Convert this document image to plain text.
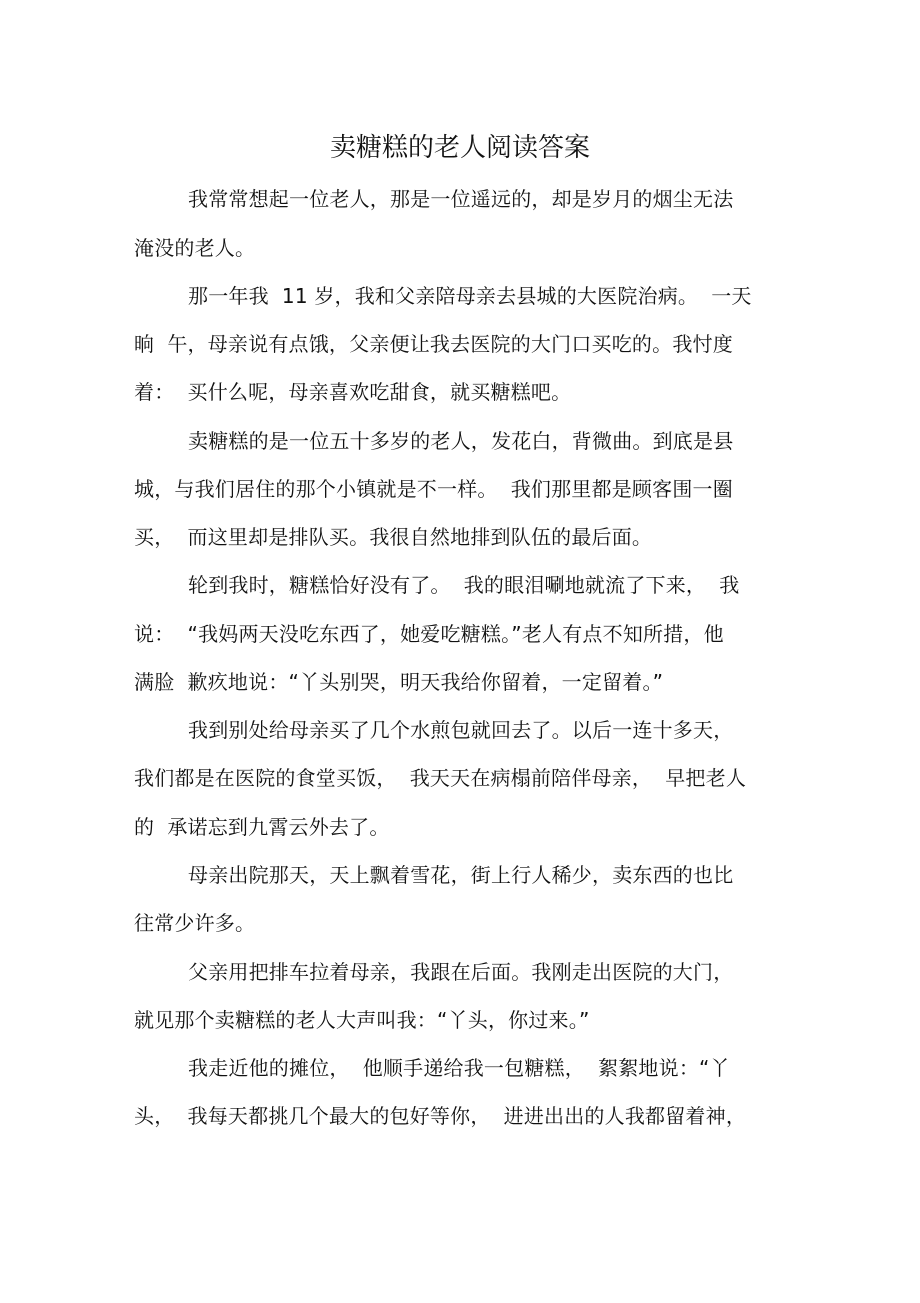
卖糖糕的老人阅读答案
我常常想起一位老人，那是一位遥远的，却是岁月的烟尘无法
淹没的老人。
那一年我  11 岁，我和父亲陪母亲去县城的大医院治病。  一天
晌  午，母亲说有点饿，父亲便让我去医院的大门口买吃的。我忖度
着：  买什么呢，母亲喜欢吃甜食，就买糖糕吧。
卖糖糕的是一位五十多岁的老人，发花白，背微曲。到底是县
城，与我们居住的那个小镇就是不一样。  我们那里都是顾客围一圈
买，  而这里却是排队买。我很自然地排到队伍的最后面。
轮到我时，糖糕恰好没有了。  我的眼泪唰地就流了下来，  我
说：  “我妈两天没吃东西了，她爱吃糖糕。”老人有点不知所措，他
满脸  歉疚地说：“丫头别哭，明天我给你留着，一定留着。”
我到别处给母亲买了几个水煎包就回去了。以后一连十多天，
我们都是在医院的食堂买饭，  我天天在病榻前陪伴母亲，  早把老人
的  承诺忘到九霄云外去了。
母亲出院那天，天上飘着雪花，街上行人稀少，卖东西的也比
往常少许多。
父亲用把排车拉着母亲，我跟在后面。我刚走出医院的大门，
就见那个卖糖糕的老人大声叫我：“丫头，你过来。”
我走近他的摊位，  他顺手递给我一包糖糕，  絮絮地说：“丫
头，  我每天都挑几个最大的包好等你，  进进出出的人我都留着神，
